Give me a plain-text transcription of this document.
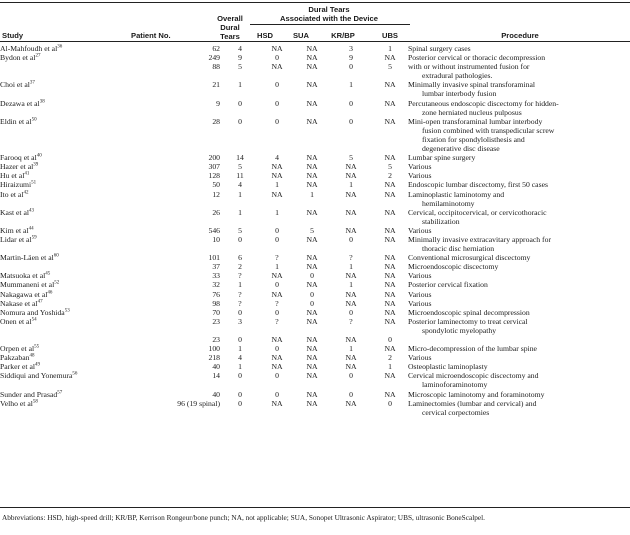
Dural Tears
Associated with the Device
Overall
Dural
Tears
Study	Patient No.	HSD	SUA	KR/BP	UBS	Procedure
Al-Mahfoudh et $al^{36}$	62	4	NA	NA	3	1	Spinal surgery cases

Bydon et $al^{27}$	249	9	0	NA	9	NA	Posterior cervical or thoracic decompression

	88	5	NA	NA	0	5	with or without instrumented fusion for
extradural pathologies.

Choi et $al^{37}$	21	1	0	NA	1	NA	Minimally invasive spinal transforaminal
lumbar interbody fusion

Dezawa et $al^{38}$	9	0	0	NA	0	NA	Percutaneous endoscopic discectomy for hidden-
zone herniated nucleus pulposus

Eldin et $al^{50}$	28	0	0	NA	0	NA	Mini-open transforaminal lumbar interbody
fusion combined with transpedicular screw
fixation for spondylolisthesis and
degenerative disc disease

Farooq et $al^{40}$	200	14	4	NA	5	NA	Lumbar spine surgery

Hazer et $al^{39}$	307	5	NA	NA	NA	5	Various

Hu et $al^{41}$	128	11	NA	NA	NA	2	Various

Hiraizumi$^{51}$	50	4	1	NA	1	NA	Endoscopic lumbar discectomy, first 50 cases

Ito et $al^{42}$	12	1	NA	1	NA	NA	Laminoplastic laminotomy and
hemilaminotomy

Kast et $al^{43}$	26	1	1	NA	NA	NA	Cervical, occipitocervical, or cervicothoracic
stabilization

Kim et $al^{44}$	546	5	0	5	NA	NA	Various

Lidar et $al^{59}$	10	0	0	NA	0	NA	Minimally invasive extracavitary approach for
thoracic disc herniation

Martin-Läen et $al^{60}$	101	6	?	NA	?	NA	Conventional microsurgical discectomy

	37	2	1	NA	1	NA	Microendoscopic discectomy

Matsuoka et $al^{45}$	33	?	NA	0	NA	NA	Various

Mummaneni et $al^{52}$	32	1	0	NA	1	NA	Posterior cervical fixation

Nakagawa et $al^{46}$	76	?	NA	0	NA	NA	Various

Nakase et $al^{47}$	98	?	?	0	NA	NA	Various

Nomura and Yoshida$^{53}$	70	0	0	NA	0	NA	Microendoscopic spinal decompression

Onen et $al^{54}$	23	3	?	NA	?	NA	Posterior laminectomy to treat cervical
spondylotic myelopathy

	23	0	NA	NA	NA	0	
Orpen et $al^{55}$	100	1	0	NA	1	NA	Micro-decompression of the lumbar spine

Pakzaban$^{48}$	218	4	NA	NA	NA	2	Various

Parker et $al^{49}$	40	1	NA	NA	NA	1	Osteoplastic laminoplasty

Siddiqui and Yonemura$^{56}$	14	0	0	NA	0	NA	Cervical microendoscopic discectomy and
laminoforaminotomy

Sunder and Prasad$^{57}$	40	0	0	NA	0	NA	Microscopic laminotomy and foraminotomy

Velho et $al^{58}$	96 (19 spinal)	0	NA	NA	NA	0	Laminectomies (lumbar and cervical) and
cervical corpectomies
Abbreviations: HSD, high-speed drill; KR/BP, Kerrison Rongeur/bone punch; NA, not applicable; SUA, Sonopet Ultrasonic Aspirator; UBS, ultrasonic BoneScalpel.
